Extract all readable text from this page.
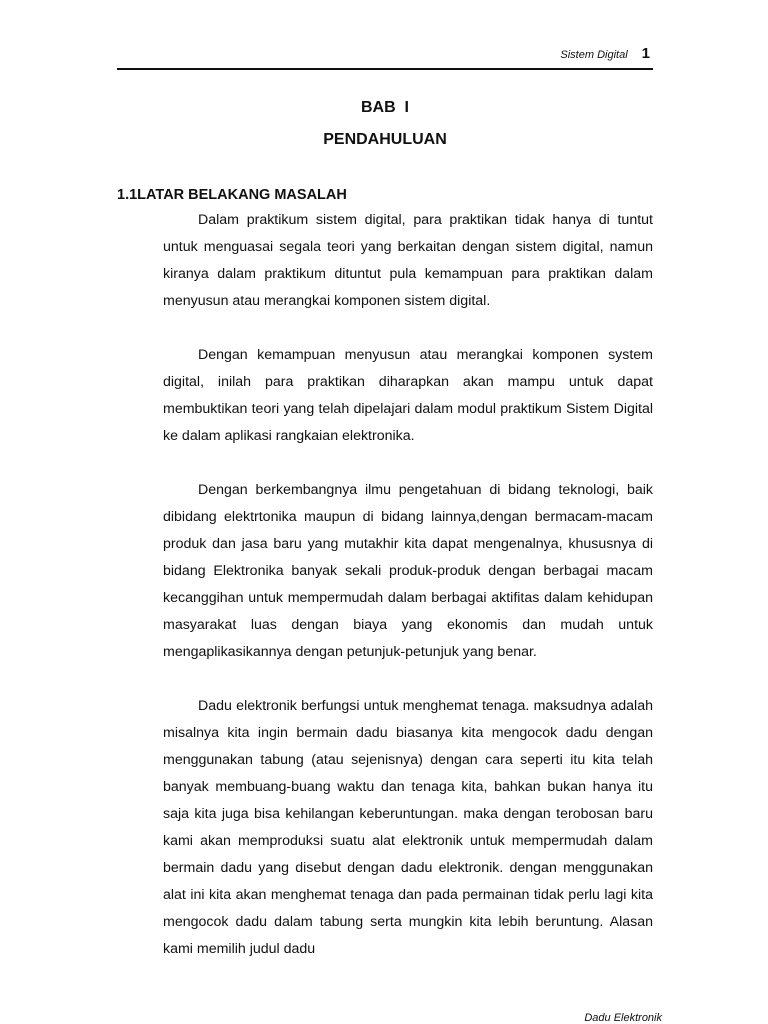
Sistem Digital 1
BAB  I
PENDAHULUAN
1.1LATAR BELAKANG MASALAH

Dalam praktikum sistem digital, para praktikan tidak hanya di tuntut untuk menguasai segala teori yang berkaitan dengan sistem digital, namun kiranya dalam praktikum dituntut pula kemampuan para praktikan dalam menyusun atau merangkai komponen sistem digital.

Dengan kemampuan menyusun atau merangkai komponen system digital, inilah para praktikan diharapkan akan mampu untuk dapat membuktikan teori yang telah dipelajari dalam modul praktikum Sistem Digital ke dalam aplikasi rangkaian elektronika.

Dengan berkembangnya ilmu pengetahuan di bidang teknologi, baik dibidang elektrtonika maupun di bidang lainnya,dengan bermacam-macam produk dan jasa baru yang mutakhir kita dapat mengenalnya, khususnya di bidang Elektronika banyak sekali produk-produk dengan berbagai macam kecanggihan untuk mempermudah dalam berbagai aktifitas dalam kehidupan masyarakat luas dengan biaya yang ekonomis dan mudah untuk mengaplikasikannya dengan petunjuk-petunjuk yang benar.

Dadu elektronik berfungsi untuk menghemat tenaga. maksudnya adalah misalnya kita ingin bermain dadu biasanya kita mengocok dadu dengan menggunakan tabung (atau sejenisnya) dengan cara seperti itu kita telah banyak membuang-buang waktu dan tenaga kita, bahkan bukan hanya itu saja kita juga bisa kehilangan keberuntungan. maka dengan terobosan baru kami akan memproduksi suatu alat elektronik untuk mempermudah dalam bermain dadu yang disebut dengan dadu elektronik. dengan menggunakan alat ini kita akan menghemat tenaga dan pada permainan tidak perlu lagi kita mengocok dadu dalam tabung serta mungkin kita lebih beruntung. Alasan kami memilih judul dadu

Dadu Elektronik
